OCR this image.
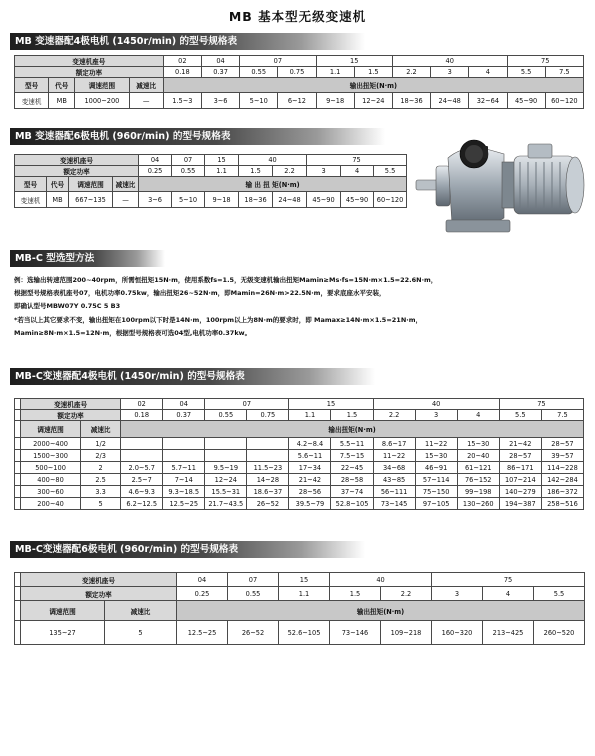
MB 基本型无级变速机
MB 变速器配4极电机 (1450r/min) 的型号规格表
变速机座号				02	04	07		15		40			75	
额定功率				0.18	0.37	0.55	0.75	1.1	1.5	2.2	3	4	5.5	7.5
型号	代号	调速范围	减速比	输出扭矩(N·m)										
变速机	MB	1000~200	—	1.5~3	3~6	5~10	6~12	9~18	12~24	18~36	24~48	32~64	45~90	60~120
MB 变速器配6极电机 (960r/min) 的型号规格表
变速机座号				04	07	15	40		75		
额定功率				0.25	0.55	1.1	1.5	2.2	3	4	5.5
型号	代号	调速范围	减速比	输 出 扭 矩(N·m)							
变速机	MB	667~135	—	3~6	5~10	9~18	18~36	24~48	45~90	45~90	60~120
MB-C 型选型方法
例：选输出转速范围200~40rpm，所需恒扭矩15N·m，使用系数fs=1.5，无级变速机输出扭矩Mamin≥Ms·fs=15N·m×1.5=22.6N·m，
根据型号规格表机座号07，电机功率0.75kw，输出扭矩26~52N·m，即Mamin=26N·m>22.5N·m，要求底座水平安装，
即确认型号MBW07Y 0.75C 5 B3
*若当以上其它要求不变，输出扭矩在100rpm以下时是14N·m，100rpm以上为8N·m的要求时，即 Mamax≥14N·m×1.5=21N·m，
Mamin≥8N·m×1.5=12N·m，根据型号规格表可选04型,电机功率0.37kw。
MB-C变速器配4极电机 (1450r/min) 的型号规格表
	变速机座号		02	04	07		15		40			75	
	额定功率		0.18	0.37	0.55	0.75	1.1	1.5	2.2	3	4	5.5	7.5
	调速范围	减速比	输出扭矩(N·m)										
	2000~400	1/2					4.2~8.4	5.5~11	8.6~17	11~22	15~30	21~42	28~57
	1500~300	2/3					5.6~11	7.5~15	11~22	15~30	20~40	28~57	39~57
	500~100	2	2.0~5.7	5.7~11	9.5~19	11.5~23	17~34	22~45	34~68	46~91	61~121	86~171	114~228
	400~80	2.5	2.5~7	7~14	12~24	14~28	21~42	28~58	43~85	57~114	76~152	107~214	142~284
	300~60	3.3	4.6~9.3	9.3~18.5	15.5~31	18.6~37	28~56	37~74	56~111	75~150	99~198	140~279	186~372
	200~40	5	6.2~12.5	12.5~25	21.7~43.5	26~52	39.5~79	52.8~105	73~145	97~105	130~260	194~387	258~516
MB-C变速器配6极电机 (960r/min) 的型号规格表
	变速机座号		04	07	15	40		75		
	额定功率		0.25	0.55	1.1	1.5	2.2	3	4	5.5
	调速范围	减速比	输出扭矩(N·m)							
	135~27	5	12.5~25	26~52	52.6~105	73~146	109~218	160~320	213~425	260~520
